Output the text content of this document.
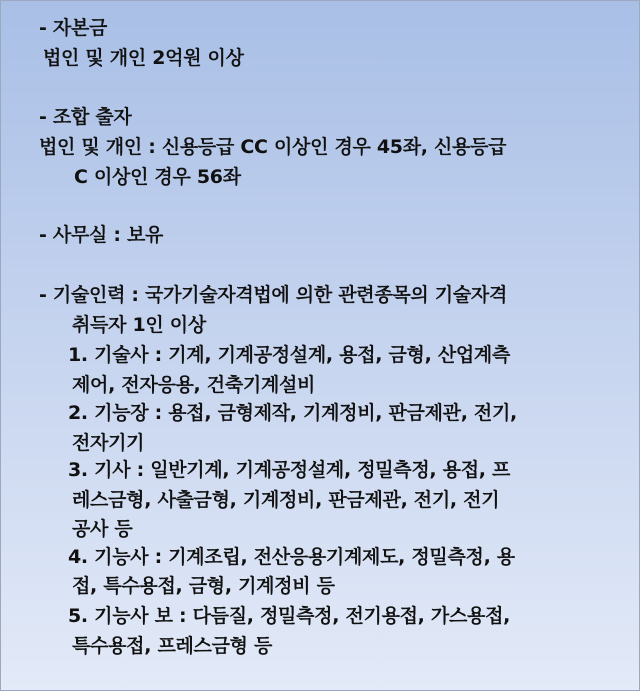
- 자본금
법인 및 개인 2억원 이상
- 조합 출자
법인 및 개인 : 신용등급 CC 이상인 경우 45좌, 신용등급
C 이상인 경우 56좌
- 사무실 : 보유
- 기술인력 : 국가기술자격법에 의한 관련종목의 기술자격
취득자 1인 이상
1. 기술사 : 기계, 기계공정설계, 용접, 금형, 산업계측
제어, 전자응용, 건축기계설비
2. 기능장 : 용접, 금형제작, 기계정비, 판금제관, 전기,
전자기기
3. 기사 : 일반기계, 기계공정설계, 정밀측정, 용접, 프
레스금형, 사출금형, 기계정비, 판금제관, 전기, 전기
공사 등
4. 기능사 : 기계조립, 전산응용기계제도, 정밀측정, 용
접, 특수용접, 금형, 기계정비 등
5. 기능사 보 : 다듬질, 정밀측정, 전기용접, 가스용접,
특수용접, 프레스금형 등
